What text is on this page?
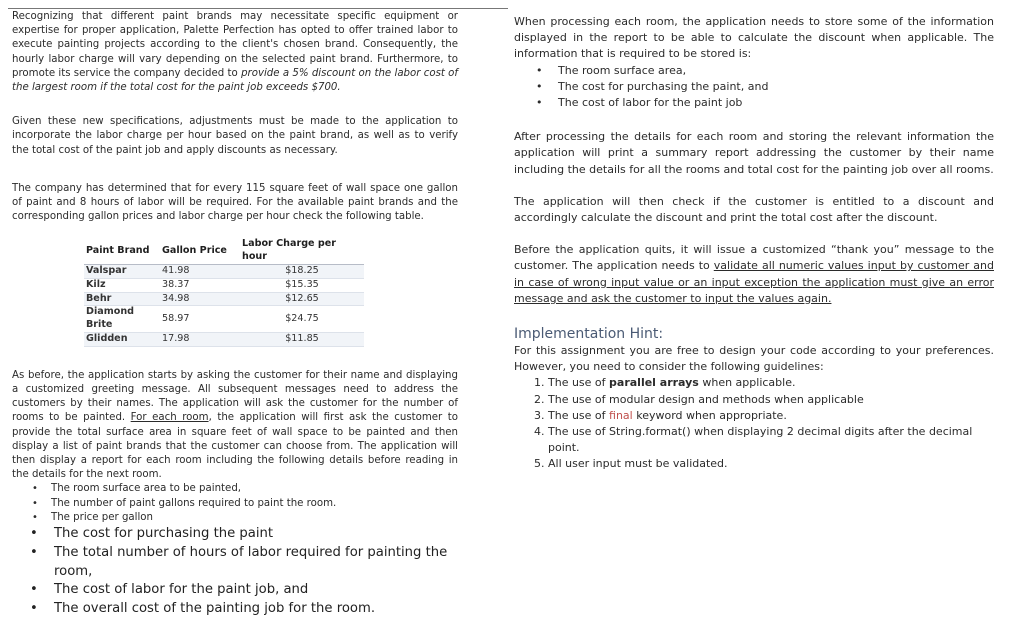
Recognizing that different paint brands may necessitate specific equipment or expertise for proper application, Palette Perfection has opted to offer trained labor to execute painting projects according to the client's chosen brand. Consequently, the hourly labor charge will vary depending on the selected paint brand. Furthermore, to promote its service the company decided to provide a 5% discount on the labor cost of the largest room if the total cost for the paint job exceeds $700.

Given these new specifications, adjustments must be made to the application to incorporate the labor charge per hour based on the paint brand, as well as to verify the total cost of the paint job and apply discounts as necessary.

The company has determined that for every 115 square feet of wall space one gallon of paint and 8 hours of labor will be required. For the available paint brands and the corresponding gallon prices and labor charge per hour check the following table.

Paint Brand	Gallon Price	Labor Charge per hour
Valspar	41.98	$18.25
Kilz	38.37	$15.35
Behr	34.98	$12.65
Diamond Brite	58.97	$24.75
Glidden	17.98	$11.85

As before, the application starts by asking the customer for their name and displaying a customized greeting message. All subsequent messages need to address the customers by their names. The application will ask the customer for the number of rooms to be painted. For each room, the application will first ask the customer to provide the total surface area in square feet of wall space to be painted and then display a list of paint brands that the customer can choose from. The application will then display a report for each room including the following details before reading in the details for the next room.

• The room surface area to be painted,
• The number of paint gallons required to paint the room.
• The price per gallon
• The cost for purchasing the paint
• The total number of hours of labor required for painting the room,
• The cost of labor for the paint job, and
• The overall cost of the painting job for the room.

When processing each room, the application needs to store some of the information displayed in the report to be able to calculate the discount when applicable. The information that is required to be stored is:

• The room surface area,
• The cost for purchasing the paint, and
• The cost of labor for the paint job

After processing the details for each room and storing the relevant information the application will print a summary report addressing the customer by their name including the details for all the rooms and total cost for the painting job over all rooms.

The application will then check if the customer is entitled to a discount and accordingly calculate the discount and print the total cost after the discount.

Before the application quits, it will issue a customized “thank you” message to the customer. The application needs to validate all numeric values input by customer and in case of wrong input value or an input exception the application must give an error message and ask the customer to input the values again.

Implementation Hint:

For this assignment you are free to design your code according to your preferences. However, you need to consider the following guidelines:

1. The use of parallel arrays when applicable.
2. The use of modular design and methods when applicable
3. The use of final keyword when appropriate.
4. The use of String.format() when displaying 2 decimal digits after the decimal point.
5. All user input must be validated.
